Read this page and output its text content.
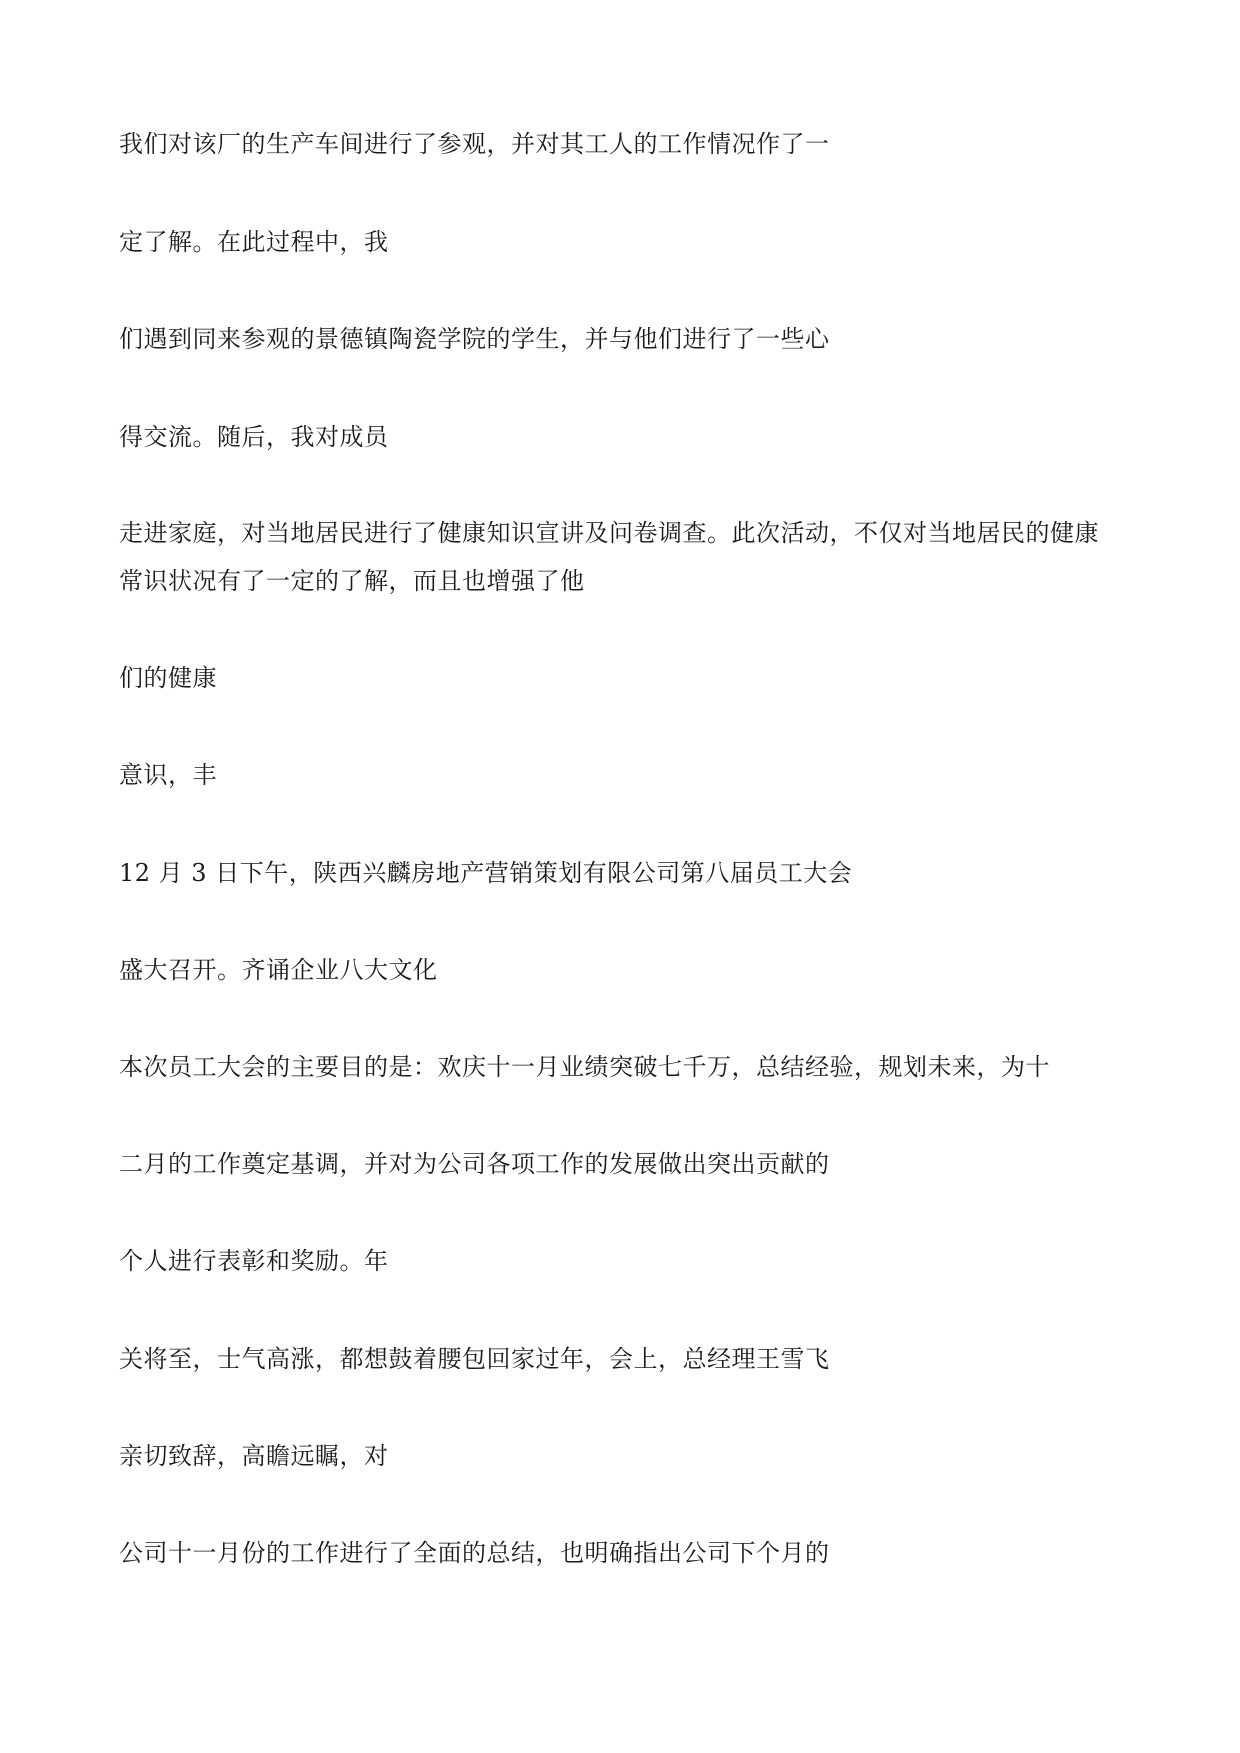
我们对该厂的生产车间进行了参观，并对其工人的工作情况作了一
定了解。在此过程中，我
们遇到同来参观的景德镇陶瓷学院的学生，并与他们进行了一些心
得交流。随后，我对成员
走进家庭，对当地居民进行了健康知识宣讲及问卷调查。此次活动，不仅对当地居民的健康
常识状况有了一定的了解，而且也增强了他
们的健康
意识，丰
12 月 3 日下午，陕西兴麟房地产营销策划有限公司第八届员工大会
盛大召开。齐诵企业八大文化
本次员工大会的主要目的是：欢庆十一月业绩突破七千万，总结经验，规划未来，为十
二月的工作奠定基调，并对为公司各项工作的发展做出突出贡献的
个人进行表彰和奖励。年
关将至，士气高涨，都想鼓着腰包回家过年，会上，总经理王雪飞
亲切致辞，高瞻远瞩，对
公司十一月份的工作进行了全面的总结，也明确指出公司下个月的
